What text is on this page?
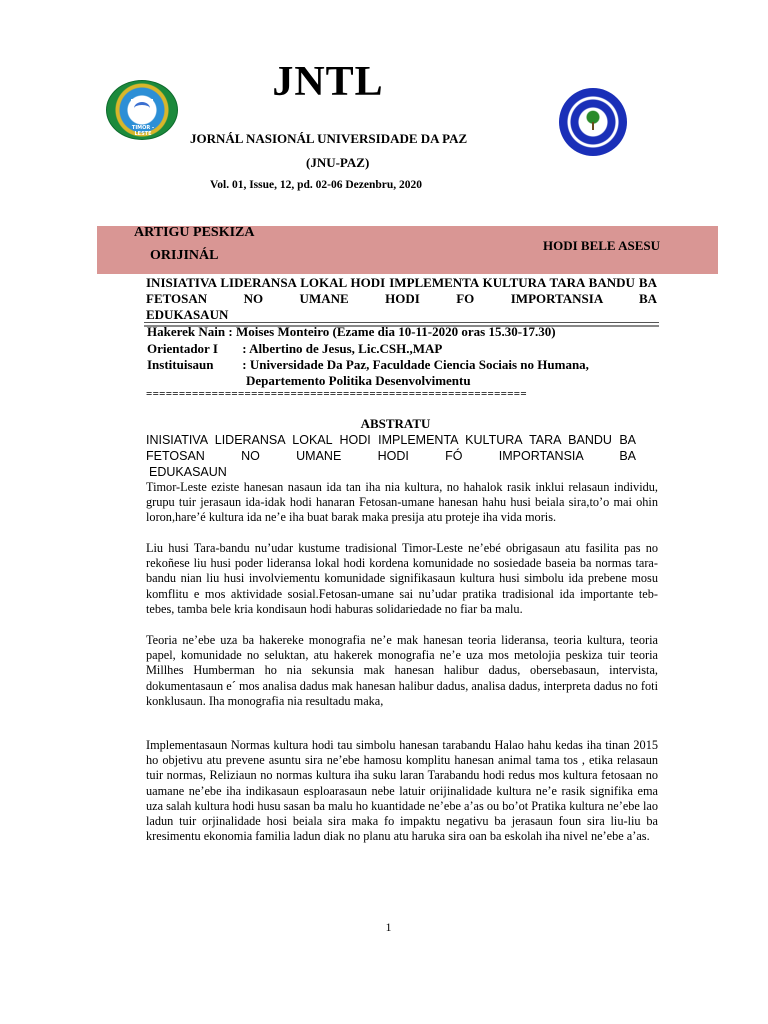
JNTL
TIMOR - LESTE	JORNÁL NASIONÁL UNIVERSIDADE DA PAZ
(JNU-PAZ)
Vol. 01, Issue, 12, pd. 02-06 Dezenbru, 2020
ARTIGU PESKIZA
ORIJINÁL
HODI BELE ASESU
INISIATIVA LIDERANSA LOKAL HODI IMPLEMENTA KULTURA TARA BANDU BA FETOSAN NO UMANE HODI FO IMPORTANSIA BA
EDUKASAUN
Hakerek Nain : Moises Monteiro (Ezame dia 10-11-2020 oras 15.30-17.30)
Orientador I : Albertino de Jesus, Lic.CSH.,MAP
Instituisaun : Universidade Da Paz, Faculdade Ciencia Sociais no Humana,
Departemento Politika Desenvolvimentu
==========================================================
ABSTRATU
INISIATIVA LIDERANSA LOKAL HODI IMPLEMENTA KULTURA TARA BANDU BA FETOSAN NO UMANE HODI FÓ IMPORTANSIA BA
EDUKASAUN
Timor-Leste eziste hanesan nasaun ida tan iha nia kultura, no hahalok rasik inklui relasaun individu, grupu tuir jerasaun ida-idak hodi hanaran Fetosan-umane hanesan hahu husi beiala sira,to’o mai ohin loron,hare’é kultura ida ne’e iha buat barak maka presija atu proteje iha vida moris.
Liu husi Tara-bandu nu’udar kustume tradisional Timor-Leste ne’ebé obrigasaun atu fasilita pas no rekoñese liu husi poder lideransa lokal hodi kordena komunidade no sosiedade baseia ba normas tara-bandu nian liu husi involviementu komunidade signifikasaun kultura husi simbolu ida prebene mosu komflitu e mos aktividade sosial.Fetosan-umane sai nu’udar pratika tradisional ida importante teb-tebes, tamba bele kria kondisaun hodi haburas solidariedade no fiar ba malu.
Teoria ne’ebe uza ba hakereke monografia ne’e mak hanesan teoria lideransa, teoria kultura, teoria papel, komunidade no seluktan, atu hakerek monografia ne’e uza mos metolojia peskiza tuir teoria Millhes Humberman ho nia sekunsia mak hanesan halibur dadus, obersebasaun, intervista, dokumentasaun e´ mos analisa dadus mak hanesan halibur dadus, analisa dadus, interpreta dadus no foti konklusaun. Iha monografia nia resultadu maka,
Implementasaun Normas kultura hodi tau simbolu hanesan tarabandu Halao hahu kedas iha tinan 2015 ho objetivu atu prevene asuntu sira ne’ebe hamosu komplitu hanesan animal tama tos , etika relasaun tuir normas, Reliziaun no normas kultura iha suku laran Tarabandu hodi redus mos kultura fetosaan no uamane ne’ebe iha indikasaun esploarasaun nebe latuir orijinalidade kultura ne’e rasik signifika ema uza salah kultura hodi husu sasan ba malu ho kuantidade ne’ebe a’as ou bo’ot Pratika kultura ne’ebe lao ladun tuir orjinalidade hosi beiala sira maka fo impaktu negativu ba jerasaun foun sira liu-liu ba kresimentu ekonomia familia ladun diak no planu atu haruka sira oan ba eskolah iha nivel ne’ebe a’as.
1
